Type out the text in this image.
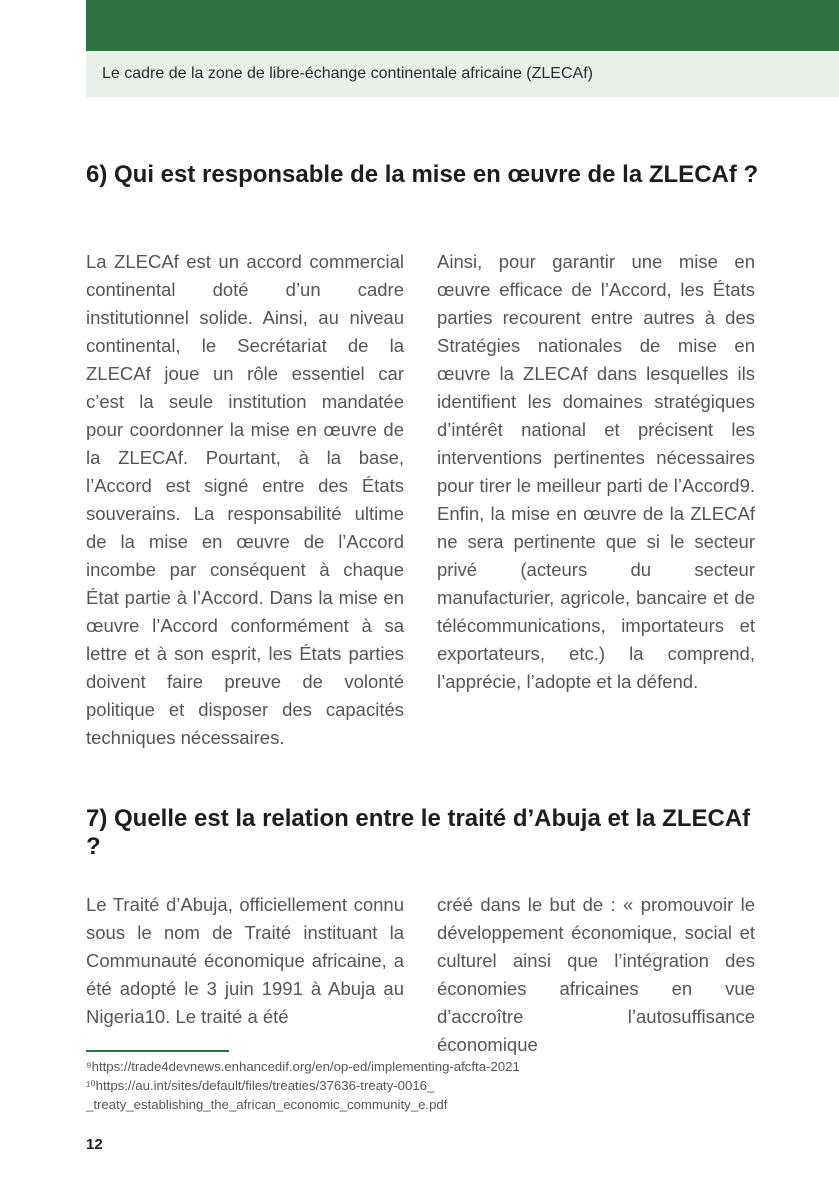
Le cadre de la zone de libre-échange continentale africaine (ZLECAf)
6) Qui est responsable de la mise en œuvre de la ZLECAf ?

La ZLECAf est un accord commercial continental doté d’un cadre institutionnel solide. Ainsi, au niveau continental, le Secrétariat de la ZLECAf joue un rôle essentiel car c’est la seule institution mandatée pour coordonner la mise en œuvre de la ZLECAf. Pourtant, à la base, l’Accord est signé entre des États souverains. La responsabilité ultime de la mise en œuvre de l’Accord incombe par conséquent à chaque État partie à l’Accord. Dans la mise en œuvre l’Accord conformément à sa lettre et à son esprit, les États parties doivent faire preuve de volonté politique et disposer des capacités techniques nécessaires.

Ainsi, pour garantir une mise en œuvre efficace de l’Accord, les États parties recourent entre autres à des Stratégies nationales de mise en œuvre la ZLECAf dans lesquelles ils identifient les domaines stratégiques d’intérêt national et précisent les interventions pertinentes nécessaires pour tirer le meilleur parti de l’Accord9. Enfin, la mise en œuvre de la ZLECAf ne sera pertinente que si le secteur privé (acteurs du secteur manufacturier, agricole, bancaire et de télécommunications, importateurs et exportateurs, etc.) la comprend, l’apprécie, l’adopte et la défend.

7) Quelle est la relation entre le traité d’Abuja et la ZLECAf ?

Le Traité d’Abuja, officiellement connu sous le nom de Traité instituant la Communauté économique africaine, a été adopté le 3 juin 1991 à Abuja au Nigeria10. Le traité a été

créé dans le but de : « promouvoir le développement économique, social et culturel ainsi que l’intégration des économies africaines en vue d’accroître l’autosuffisance économique

⁹https://trade4devnews.enhancedif.org/en/op-ed/implementing-afcfta-2021

¹⁰https://au.int/sites/default/files/treaties/37636-treaty-0016_    _treaty_establishing_the_african_economic_community_e.pdf

12
